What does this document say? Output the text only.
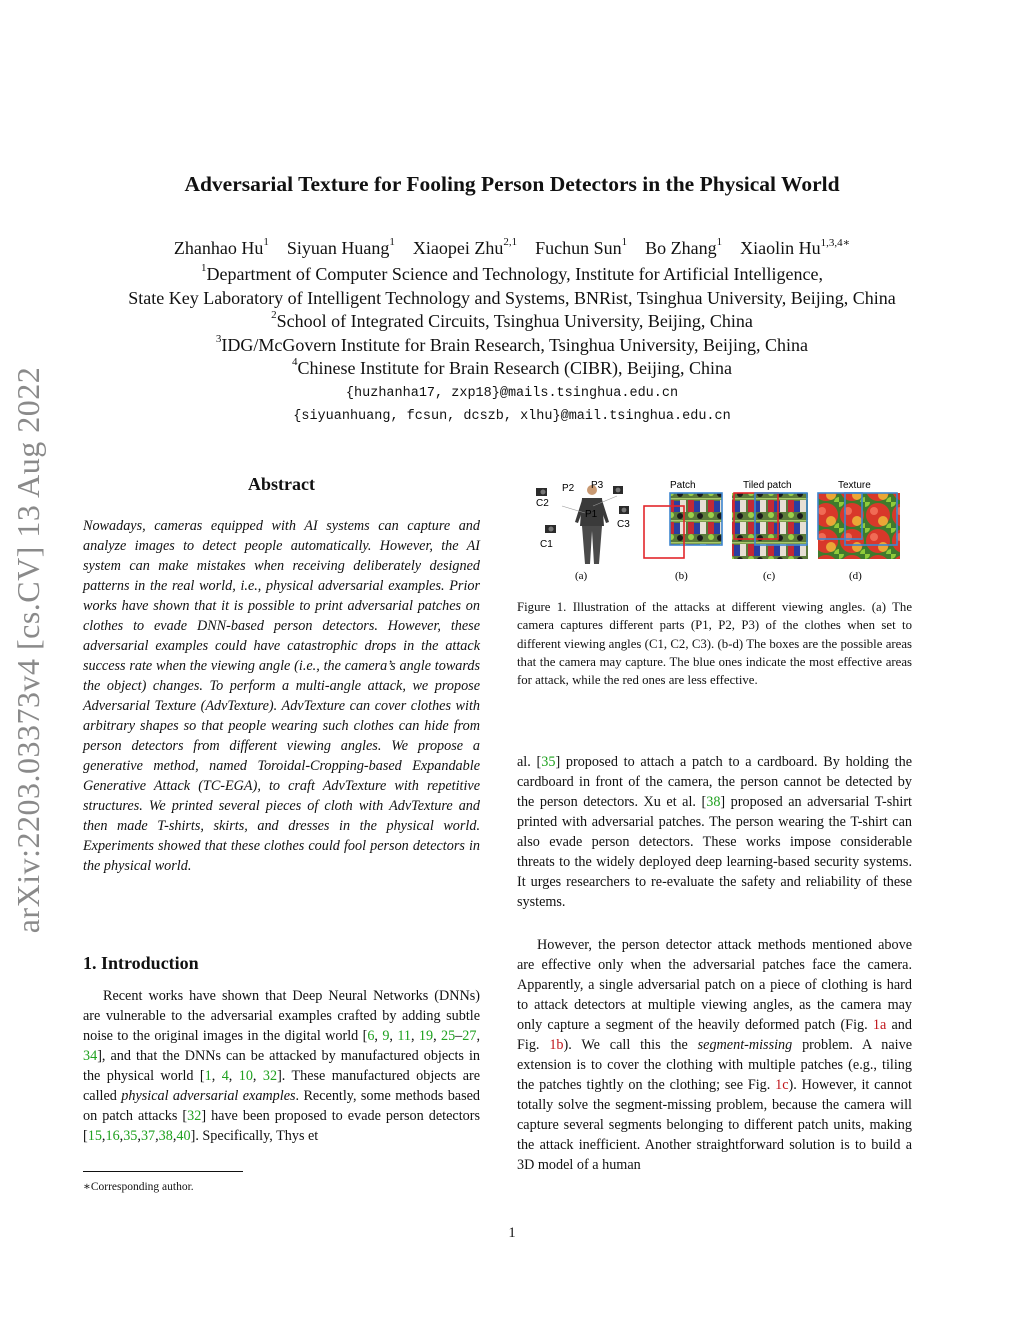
arXiv:2203.03373v4 [cs.CV] 13 Aug 2022
Adversarial Texture for Fooling Person Detectors in the Physical World
Zhanhao Hu$^1$ Siyuan Huang$^1$ Xiaopei Zhu$^{2,1}$ Fuchun Sun$^1$ Bo Zhang$^1$ Xiaolin $Hu^{1,3,4∗}$
$^1$Department of Computer Science and Technology, Institute for Artificial Intelligence,
State Key Laboratory of Intelligent Technology and Systems, BNRist, Tsinghua University, Beijing, China
$^2$School of Integrated Circuits, Tsinghua University, Beijing, China
$^3$IDG/McGovern Institute for Brain Research, Tsinghua University, Beijing, China
$^4$Chinese Institute for Brain Research (CIBR), Beijing, China
{huzhanha17, zxp18}@mails.tsinghua.edu.cn
{siyuanhuang, fcsun, dcszb, xlhu}@mail.tsinghua.edu.cn
Abstract
Nowadays, cameras equipped with AI systems can capture and analyze images to detect people automatically. However, the AI system can make mistakes when receiving deliberately designed patterns in the real world, i.e., physical adversarial examples. Prior works have shown that it is possible to print adversarial patches on clothes to evade DNN-based person detectors. However, these adversarial examples could have catastrophic drops in the attack success rate when the viewing angle (i.e., the camera’s angle towards the object) changes. To perform a multi-angle attack, we propose Adversarial Texture (AdvTexture). AdvTexture can cover clothes with arbitrary shapes so that people wearing such clothes can hide from person detectors from different viewing angles. We propose a generative method, named Toroidal-Cropping-based Expandable Generative Attack (TC-EGA), to craft AdvTexture with repetitive structures. We printed several pieces of cloth with AdvTexture and then made T-shirts, skirts, and dresses in the physical world. Experiments showed that these clothes could fool person detectors in the physical world.
1. Introduction
Recent works have shown that Deep Neural Networks (DNNs) are vulnerable to the adversarial examples crafted by adding subtle noise to the original images in the digital world [6, 9, 11, 19, 25–27, 34], and that the DNNs can be attacked by manufactured objects in the physical world [1, 4, 10, 32]. These manufactured objects are called physical adversarial examples. Recently, some methods based on patch attacks [32] have been proposed to evade person detectors [15,16,35,37,38,40]. Specifically, Thys et
∗Corresponding author.
P2 P3
P1
C2
C3
C1
Patch	Tiled patch	Texture
(a)	(b)	(c)	(d)
Figure 1. Illustration of the attacks at different viewing angles. (a) The camera captures different parts (P1, P2, P3) of the clothes when set to different viewing angles (C1, C2, C3). (b-d) The boxes are the possible areas that the camera may capture. The blue ones indicate the most effective areas for attack, while the red ones are less effective.
al. [35] proposed to attach a patch to a cardboard. By holding the cardboard in front of the camera, the person cannot be detected by the person detectors. Xu et al. [38] proposed an adversarial T-shirt printed with adversarial patches. The person wearing the T-shirt can also evade person detectors. These works impose considerable threats to the widely deployed deep learning-based security systems. It urges researchers to re-evaluate the safety and reliability of these systems.
However, the person detector attack methods mentioned above are effective only when the adversarial patches face the camera. Apparently, a single adversarial patch on a piece of clothing is hard to attack detectors at multiple viewing angles, as the camera may only capture a segment of the heavily deformed patch (Fig. 1a and Fig. 1b). We call this the segment-missing problem. A naive extension is to cover the clothing with multiple patches (e.g., tiling the patches tightly on the clothing; see Fig. 1c). However, it cannot totally solve the segment-missing problem, because the camera will capture several segments belonging to different patch units, making the attack inefficient. Another straightforward solution is to build a 3D model of a human
1
